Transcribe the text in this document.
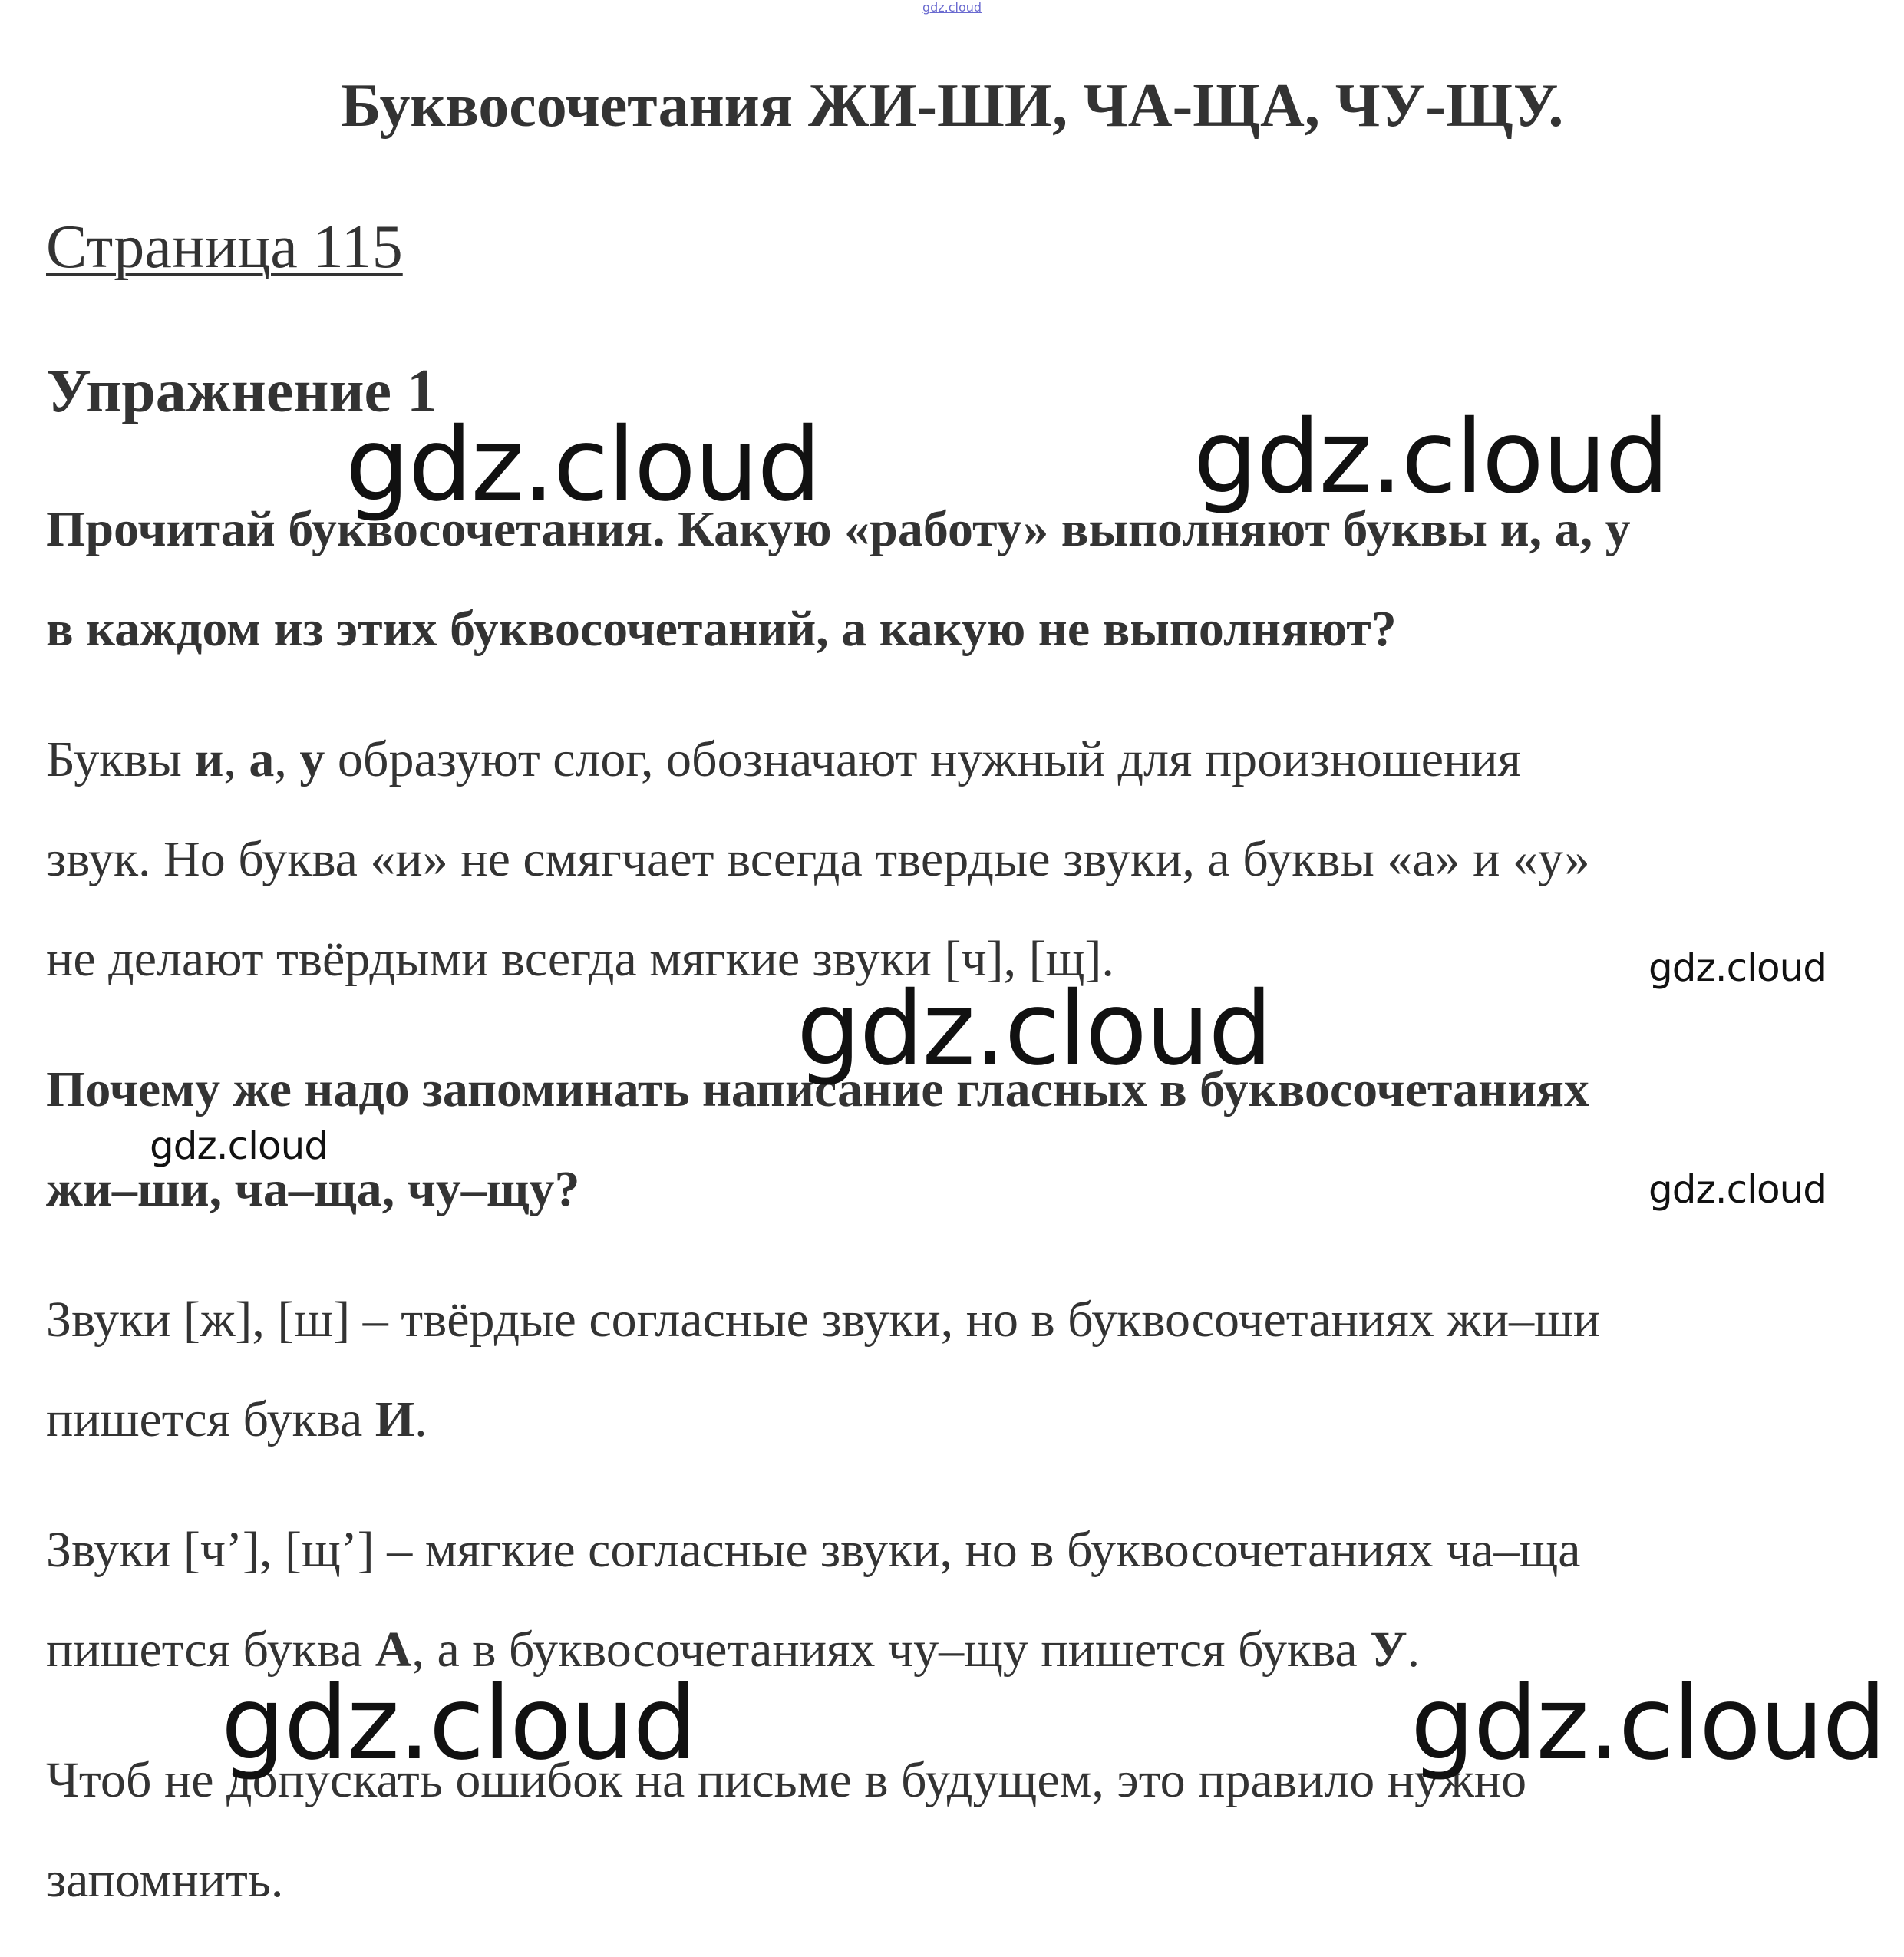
gdz.cloud
Буквосочетания ЖИ-ШИ, ЧА-ЩА, ЧУ-ЩУ.
Страница 115
Упражнение 1
Прочитай буквосочетания. Какую «работу» выполняют буквы и, а, у
в каждом из этих буквосочетаний, а какую не выполняют?
Буквы и, а, у образуют слог, обозначают нужный для произношения
звук. Но буква «и» не смягчает всегда твердые звуки, а буквы «а» и «у»
не делают твёрдыми всегда мягкие звуки [ч], [щ].
Почему же надо запоминать написание гласных в буквосочетаниях
жи–ши, ча–ща, чу–щу?
Звуки [ж], [ш] – твёрдые согласные звуки, но в буквосочетаниях жи–ши
пишется буква И.
Звуки [ч’], [щ’] – мягкие согласные звуки, но в буквосочетаниях ча–ща
пишется буква А, а в буквосочетаниях чу–щу пишется буква У.
Чтоб не допускать ошибок на письме в будущем, это правило нужно
запомнить.
gdz.cloud	gdz.cloud
gdz.cloud
gdz.cloud
gdz.cloud
gdz.cloud
gdz.cloud	gdz.cloud
